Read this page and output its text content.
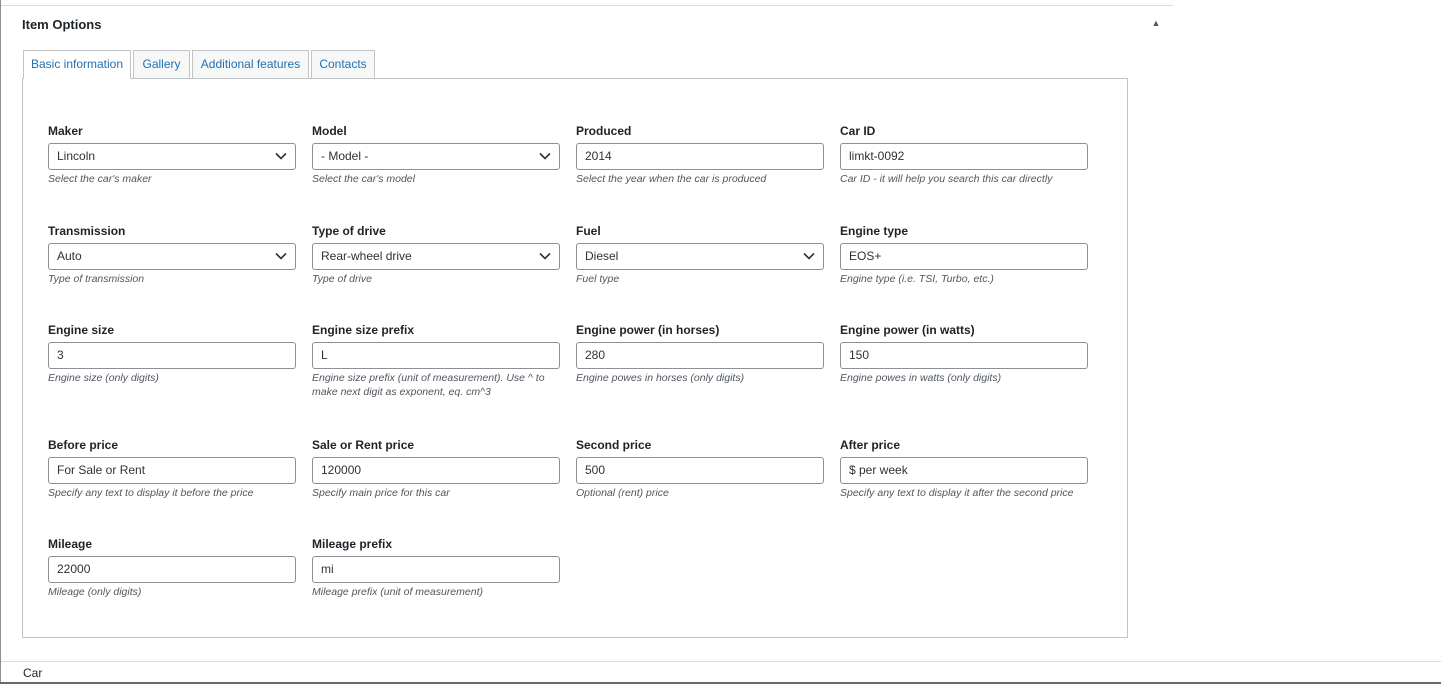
Item Options	▲
Basic information	Gallery	Additional features	Contacts
Maker
Lincoln
Select the car's maker
Model
- Model -
Select the car's model
Produced
2014
Select the year when the car is produced
Car ID
limkt-0092
Car ID - it will help you search this car directly
Transmission
Auto
Type of transmission
Type of drive
Rear-wheel drive
Type of drive
Fuel
Diesel
Fuel type
Engine type
EOS+
Engine type (i.e. TSI, Turbo, etc.)
Engine size
3
Engine size (only digits)
Engine size prefix
L
Engine size prefix (unit of measurement). Use ^ to make next digit as exponent, eq. cm^3
Engine power (in horses)
280
Engine powes in horses (only digits)
Engine power (in watts)
150
Engine powes in watts (only digits)
Before price
For Sale or Rent
Specify any text to display it before the price
Sale or Rent price
120000
Specify main price for this car
Second price
500
Optional (rent) price
After price
$ per week
Specify any text to display it after the second price
Mileage
22000
Mileage (only digits)
Mileage prefix
mi
Mileage prefix (unit of measurement)
Car
